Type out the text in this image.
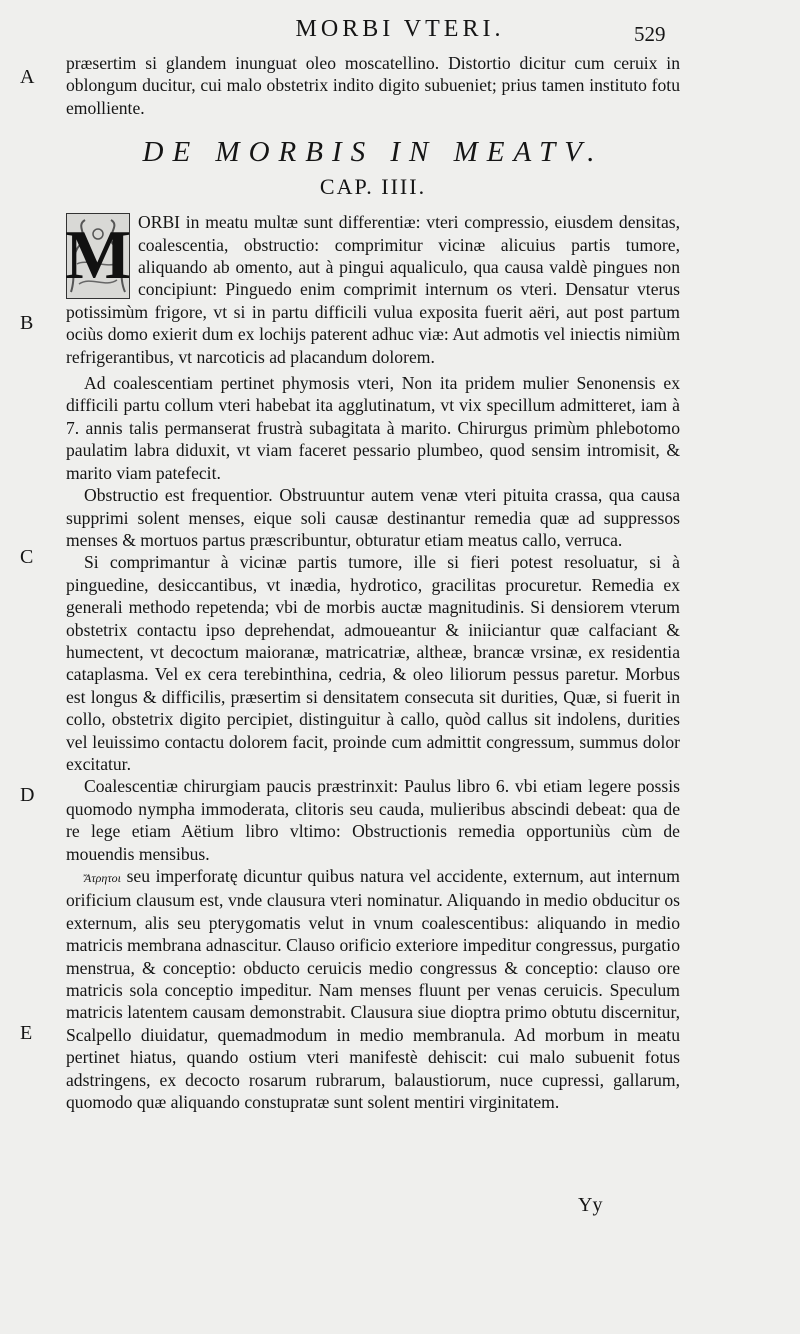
MORBI VTERI.	529
A
B
C
D
E

præsertim si glandem inunguat oleo moscatellino. Distortio dicitur cum ceruix in oblongum ducitur, cui malo obstetrix indito digito subueniet; prius tamen instituto fotu emolliente.

DE MORBIS IN MEATV.
CAP. IIII.

M ORBI in meatu multæ sunt differentiæ: vteri compressio, eiusdem densitas, coalescentia, obstructio: comprimitur vicinæ alicuius partis tumore, aliquando ab omento, aut à pingui aqualiculo, qua causa valdè pingues non concipiunt: Pinguedo enim comprimit internum os vteri. Densatur vterus potissimùm frigore, vt si in partu difficili vulua exposita fuerit aëri, aut post partum ociùs domo exierit dum ex lochijs paterent adhuc viæ: Aut admotis vel iniectis nimiùm refrigerantibus, vt narcoticis ad placandum dolorem.

Ad coalescentiam pertinet phymosis vteri, Non ita pridem mulier Senonensis ex difficili partu collum vteri habebat ita agglutinatum, vt vix specillum admitteret, iam à 7. annis talis permanserat frustrà subagitata à marito. Chirurgus primùm phlebotomo paulatim labra diduxit, vt viam faceret pessario plumbeo, quod sensim intromisit, & marito viam patefecit.

Obstructio est frequentior. Obstruuntur autem venæ vteri pituita crassa, qua causa supprimi solent menses, eique soli causæ destinantur remedia quæ ad suppressos menses & mortuos partus præscribuntur, obturatur etiam meatus callo, verruca.

Si comprimantur à vicinæ partis tumore, ille si fieri potest resoluatur, si à pinguedine, desiccantibus, vt inædia, hydrotico, gracilitas procuretur. Remedia ex generali methodo repetenda; vbi de morbis auctæ magnitudinis. Si densiorem vterum obstetrix contactu ipso deprehendat, admoueantur & iniiciantur quæ calfaciant & humectent, vt decoctum maioranæ, matricatriæ, altheæ, brancæ vrsinæ, ex residentia cataplasma. Vel ex cera terebinthina, cedria, & oleo liliorum pessus paretur. Morbus est longus & difficilis, præsertim si densitatem consecuta sit durities, Quæ, si fuerit in collo, obstetrix digito percipiet, distinguitur à callo, quòd callus sit indolens, durities vel leuissimo contactu dolorem facit, proinde cum admittit congressum, summus dolor excitatur.

Coalescentiæ chirurgiam paucis præstrinxit: Paulus libro 6. vbi etiam legere possis quomodo nympha immoderata, clitoris seu cauda, mulieribus abscindi debeat: qua de re lege etiam Aëtium libro vltimo: Obstructionis remedia opportuniùs cùm de mouendis mensibus.

Ἄτρητοι seu imperforatę dicuntur quibus natura vel accidente, externum, aut internum orificium clausum est, vnde clausura vteri nominatur. Aliquando in medio obducitur os externum, alis seu pterygomatis velut in vnum coalescentibus: aliquando in medio matricis membrana adnascitur. Clauso orificio exteriore impeditur congressus, purgatio menstrua, & conceptio: obducto ceruicis medio congressus & conceptio: clauso ore matricis sola conceptio impeditur. Nam menses fluunt per venas ceruicis. Speculum matricis latentem causam demonstrabit. Clausura siue dioptra primo obtutu discernitur, Scalpello diuidatur, quemadmodum in medio membranula. Ad morbum in meatu pertinet hiatus, quando ostium vteri manifestè dehiscit: cui malo subuenit fotus adstringens, ex decocto rosarum rubrarum, balaustiorum, nuce cupressi, gallarum, quomodo quæ aliquando constupratæ sunt solent mentiri virginitatem.

Yy
